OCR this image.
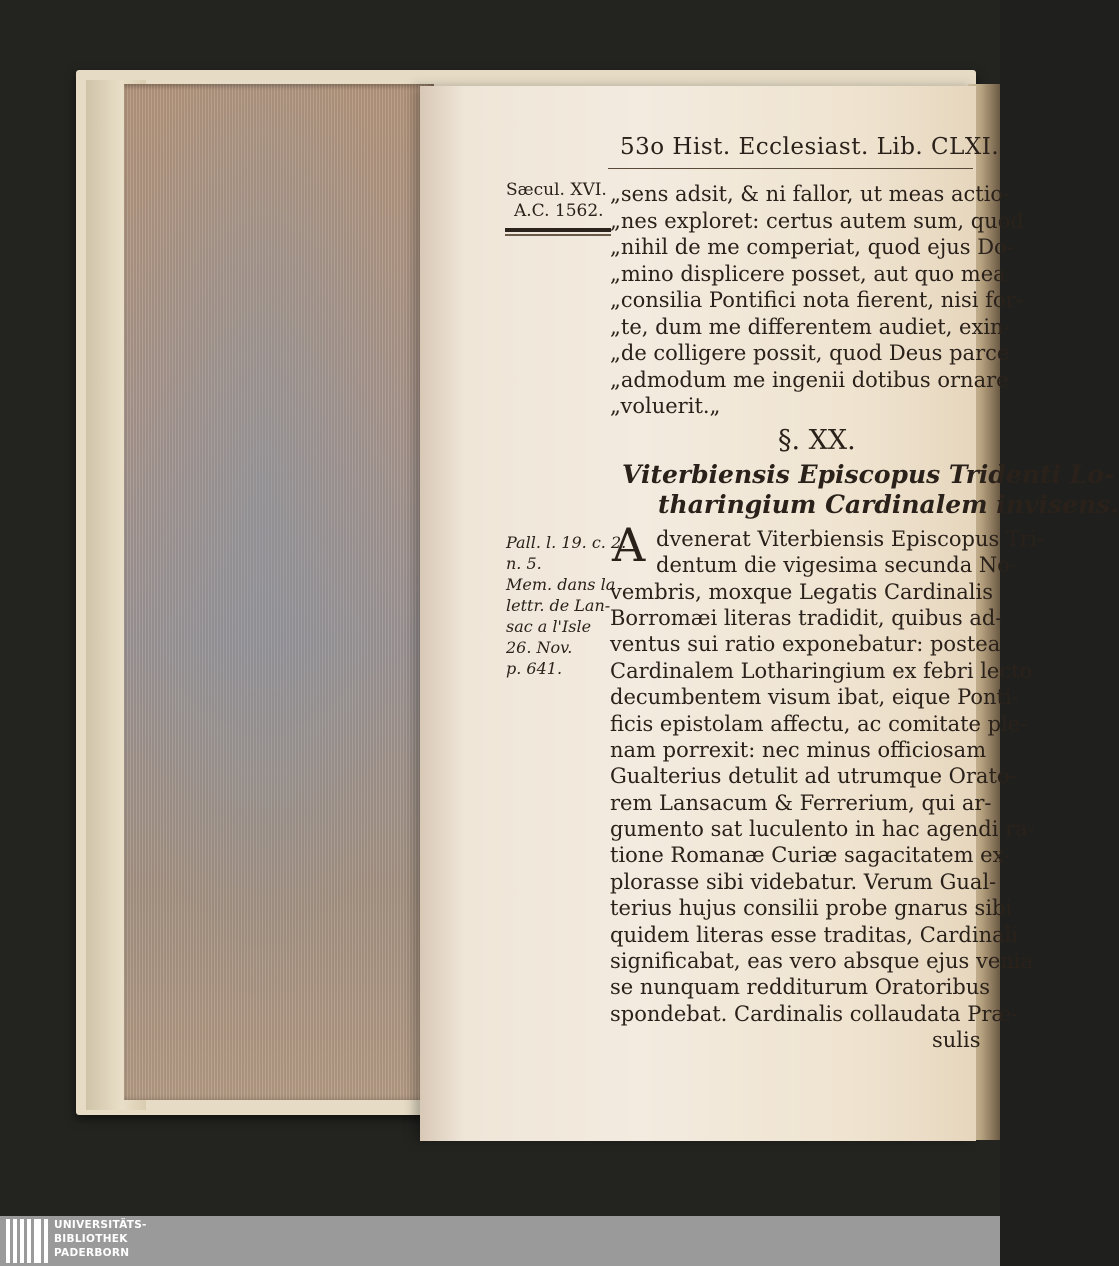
53o Hist. Ecclesiast. Lib. CLXI.
Sæcul. XVI.
A.C. 1562.
„sens adsit, & ni fallor, ut meas actio-
„nes exploret: certus autem sum, quod
„nihil de me comperiat, quod ejus Do-
„mino displicere posset, aut quo mea
„consilia Pontifici nota fierent, nisi for-
„te, dum me differentem audiet, exin-
„de colligere possit, quod Deus parce
„admodum me ingenii dotibus ornare
„voluerit.„
§. XX.
Viterbiensis Episcopus Tridenti Lo-
tharingium Cardinalem invisens.
Pall. l. 19. c. 2.
n. 5.
Mem. dans la
lettr. de Lan-
sac a l'Isle
26. Nov.
p. 641.
A dvenerat Viterbiensis Episcopus Tri-
dentum die vigesima secunda No-
vembris, moxque Legatis Cardinalis
Borromæi literas tradidit, quibus ad-
ventus sui ratio exponebatur: postea
Cardinalem Lotharingium ex febri lecto
decumbentem visum ibat, eique Ponti-
ficis epistolam affectu, ac comitate ple-
nam porrexit: nec minus officiosam
Gualterius detulit ad utrumque Orato-
rem Lansacum & Ferrerium, qui ar-
gumento sat luculento in hac agendi ra-
tione Romanæ Curiæ sagacitatem ex-
plorasse sibi videbatur. Verum Gual-
terius hujus consilii probe gnarus sibi
quidem literas esse traditas, Cardinali
significabat, eas vero absque ejus venia
se nunquam redditurum Oratoribus
spondebat. Cardinalis collaudata Præ-
sulis
UNIVERSITÄTS-
BIBLIOTHEK
PADERBORN
